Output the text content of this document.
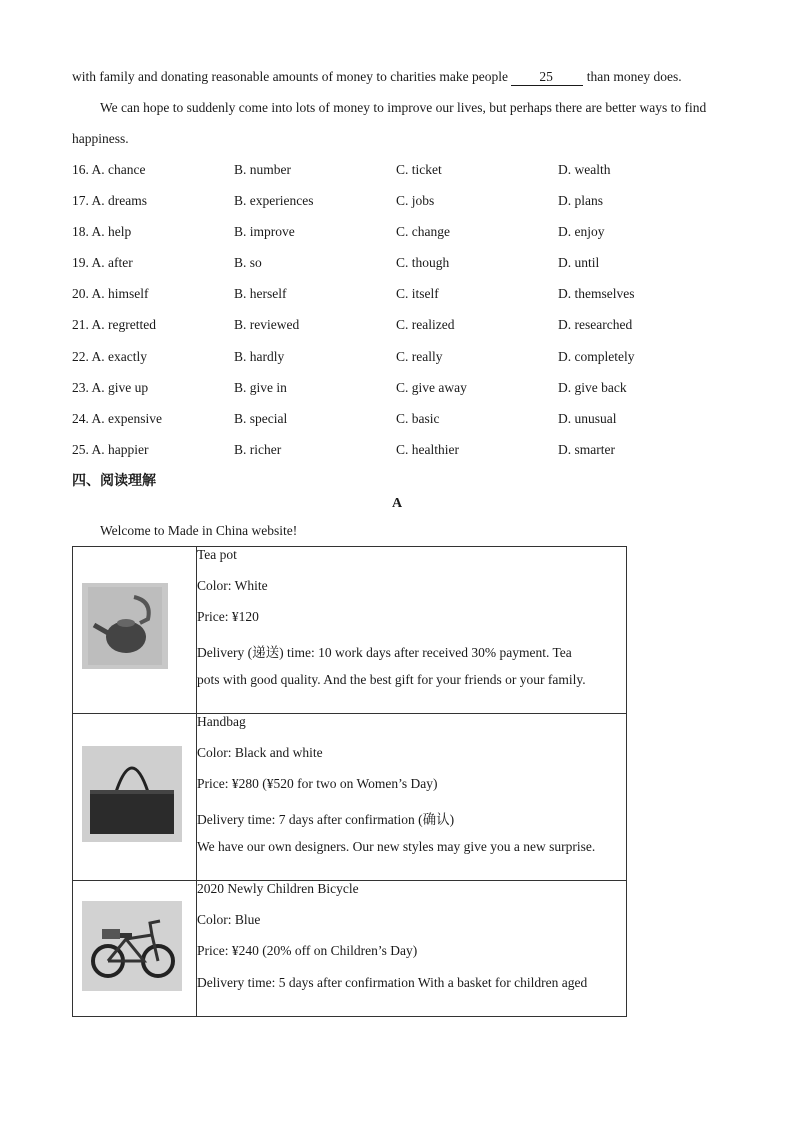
with family and donating reasonable amounts of money to charities make people 25	than money does.
We can hope to suddenly come into lots of money to improve our lives, but perhaps there are better ways to find
happiness.
16. A. chance	B. number	C. ticket	D. wealth
17. A. dreams	B. experiences	C. jobs	D. plans
18. A. help	B. improve	C. change	D. enjoy
19. A. after	B. so	C. though	D. until
20. A. himself	B. herself	C. itself	D. themselves
21. A. regretted	B. reviewed	C. realized	D. researched
22. A. exactly	B. hardly	C. really	D. completely
23. A. give up	B. give in	C. give away	D. give back
24. A. expensive	B. special	C. basic	D. unusual
25. A. happier	B. richer	C. healthier	D. smarter
四、阅读理解
A
Welcome to Made in China website!

Tea pot
Color: White
Price: ¥120
Delivery (递送) time: 10 work days after received 30% payment. Tea
pots with good quality. And the best gift for your friends or your family.

Handbag
Color: Black and white
Price: ¥280 (¥520 for two on Women’s Day)
Delivery time: 7 days after confirmation (确认)
We have our own designers. Our new styles may give you a new surprise.

2020 Newly Children Bicycle
Color: Blue
Price: ¥240 (20% off on Children’s Day)
Delivery time: 5 days after confirmation With a basket for children aged
